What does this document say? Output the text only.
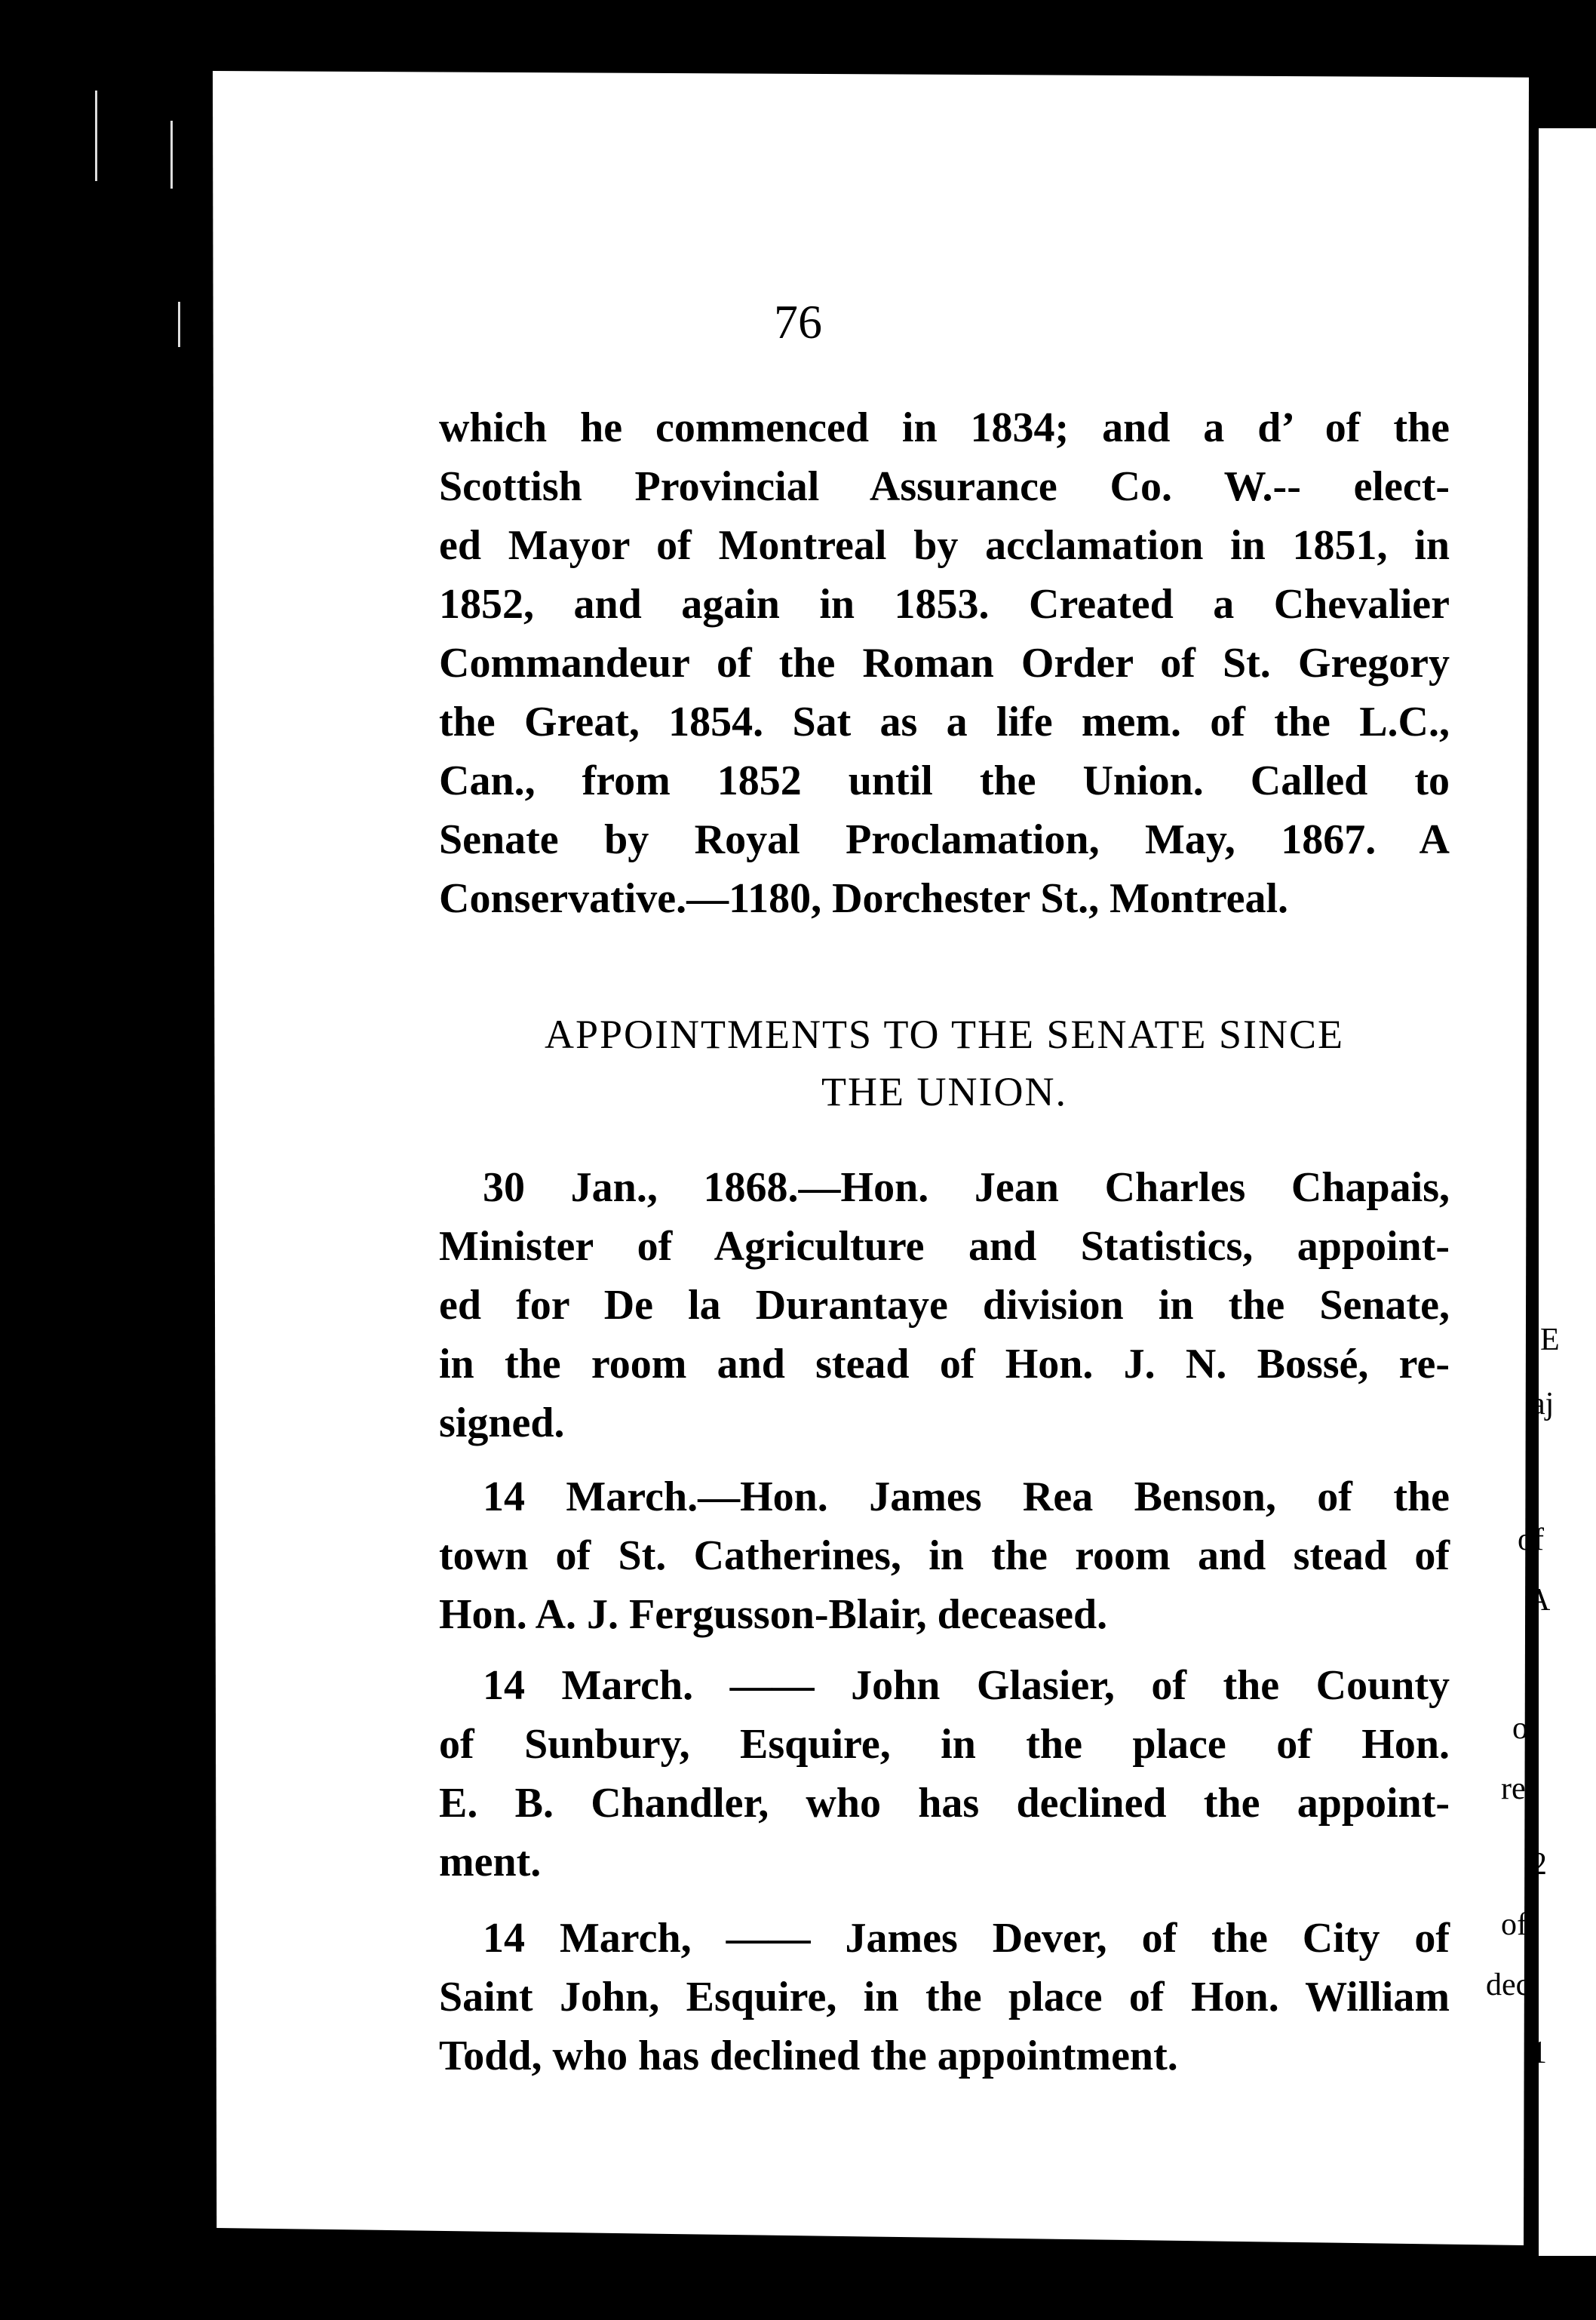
T
(
E
aj
of
A
of
res
2
of
dec
1
76
which he commenced in 1834; and a d’ of the
Scottish Provincial Assurance Co. W.-- elect-
ed Mayor of Montreal by acclamation in 1851, in
1852, and again in 1853. Created a Chevalier
Commandeur of the Roman Order of St. Gregory
the Great, 1854. Sat as a life mem. of the L.C.,
Can., from 1852 until the Union. Called to
Senate by Royal Proclamation, May, 1867. A
Conservative.—1180, Dorchester St., Montreal.
APPOINTMENTS TO THE SENATE SINCE
THE UNION.
30 Jan., 1868.—Hon. Jean Charles Chapais,
Minister of Agriculture and Statistics, appoint-
ed for De la Durantaye division in the Senate,
in the room and stead of Hon. J. N. Bossé, re-
signed.
14 March.—Hon. James Rea Benson, of the
town of St. Catherines, in the room and stead of
Hon. A. J. Fergusson-Blair, deceased.
14 March. —— John Glasier, of the County
of Sunbury, Esquire, in the place of Hon.
E. B. Chandler, who has declined the appoint-
ment.
14 March, —— James Dever, of the City of
Saint John, Esquire, in the place of Hon. William
Todd, who has declined the appointment.
